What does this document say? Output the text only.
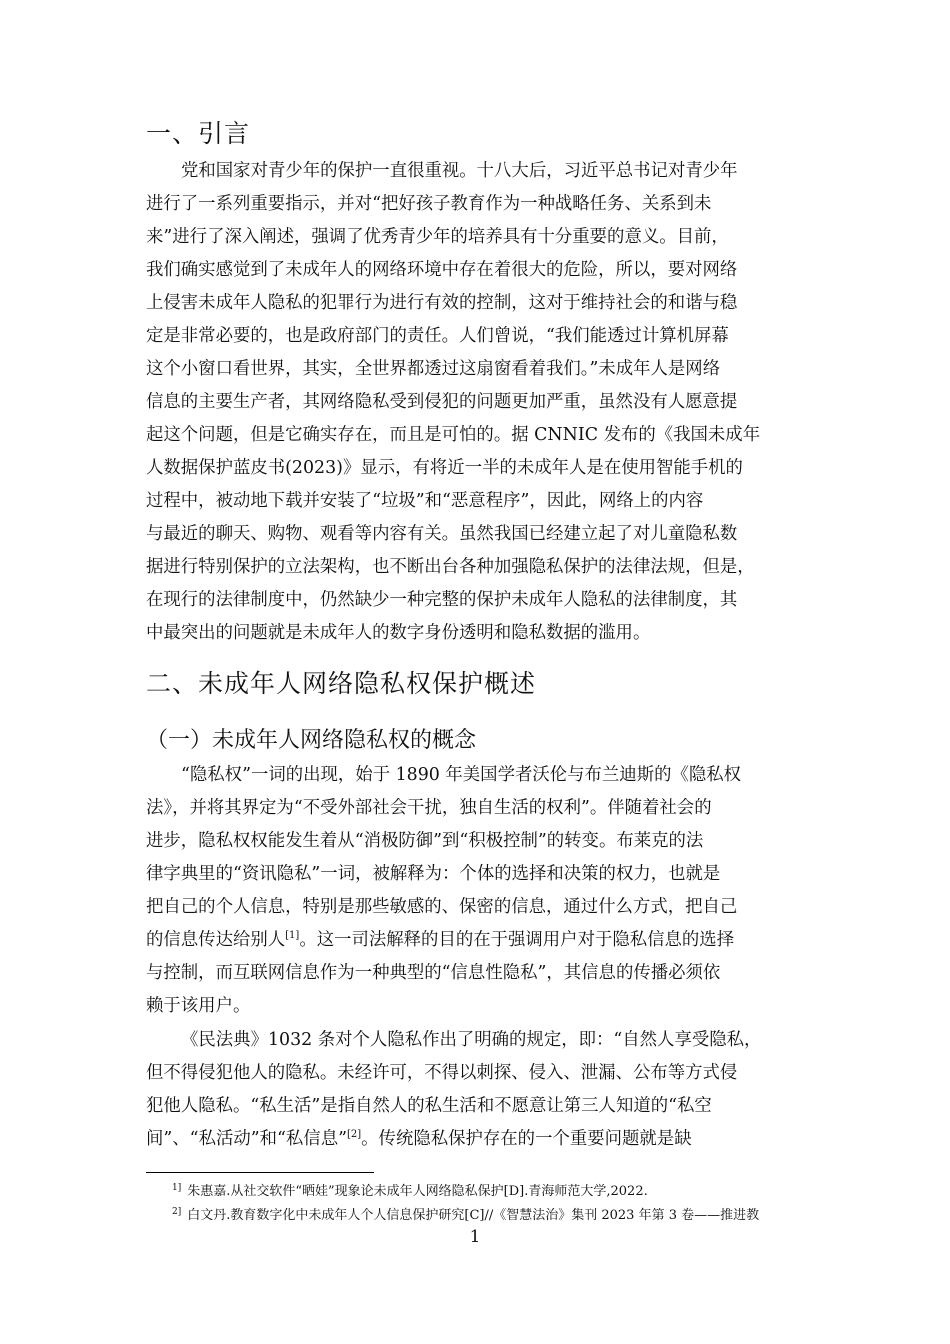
一、引言
党和国家对青少年的保护一直很重视。十八大后，习近平总书记对青少年
进行了一系列重要指示，并对“把好孩子教育作为一种战略任务、关系到未
来”进行了深入阐述，强调了优秀青少年的培养具有十分重要的意义。目前，
我们确实感觉到了未成年人的网络环境中存在着很大的危险，所以，要对网络
上侵害未成年人隐私的犯罪行为进行有效的控制，这对于维持社会的和谐与稳
定是非常必要的，也是政府部门的责任。人们曾说，“我们能透过计算机屏幕
这个小窗口看世界，其实，全世界都透过这扇窗看着我们。”未成年人是网络
信息的主要生产者，其网络隐私受到侵犯的问题更加严重，虽然没有人愿意提
起这个问题，但是它确实存在，而且是可怕的。据 CNNIC 发布的《我国未成年
人数据保护蓝皮书(2023)》显示，有将近一半的未成年人是在使用智能手机的
过程中，被动地下载并安装了“垃圾”和“恶意程序”，因此，网络上的内容
与最近的聊天、购物、观看等内容有关。虽然我国已经建立起了对儿童隐私数
据进行特别保护的立法架构，也不断出台各种加强隐私保护的法律法规，但是，
在现行的法律制度中，仍然缺少一种完整的保护未成年人隐私的法律制度，其
中最突出的问题就是未成年人的数字身份透明和隐私数据的滥用。
二、未成年人网络隐私权保护概述
（一）未成年人网络隐私权的概念
“隐私权”一词的出现，始于 1890 年美国学者沃伦与布兰迪斯的《隐私权
法》，并将其界定为“不受外部社会干扰，独自生活的权利”。伴随着社会的
进步，隐私权权能发生着从“消极防御”到“积极控制”的转变。布莱克的法
律字典里的“资讯隐私”一词，被解释为：个体的选择和决策的权力，也就是
把自己的个人信息，特别是那些敏感的、保密的信息，通过什么方式，把自己
的信息传达给别人[1]。这一司法解释的目的在于强调用户对于隐私信息的选择
与控制，而互联网信息作为一种典型的“信息性隐私”，其信息的传播必须依
赖于该用户。
《民法典》1032 条对个人隐私作出了明确的规定，即：“自然人享受隐私，
但不得侵犯他人的隐私。未经许可，不得以刺探、侵入、泄漏、公布等方式侵
犯他人隐私。“私生活”是指自然人的私生活和不愿意让第三人知道的“私空
间”、“私活动”和“私信息”[2]。传统隐私保护存在的一个重要问题就是缺
$^{1]}$ 朱惠嘉.从社交软件“晒娃”现象论未成年人网络隐私保护[D].青海师范大学,2022.
$^{2]}$ 白文丹.教育数字化中未成年人个人信息保护研究[C]//《智慧法治》集刊 2023 年第 3 卷——推进教
1
